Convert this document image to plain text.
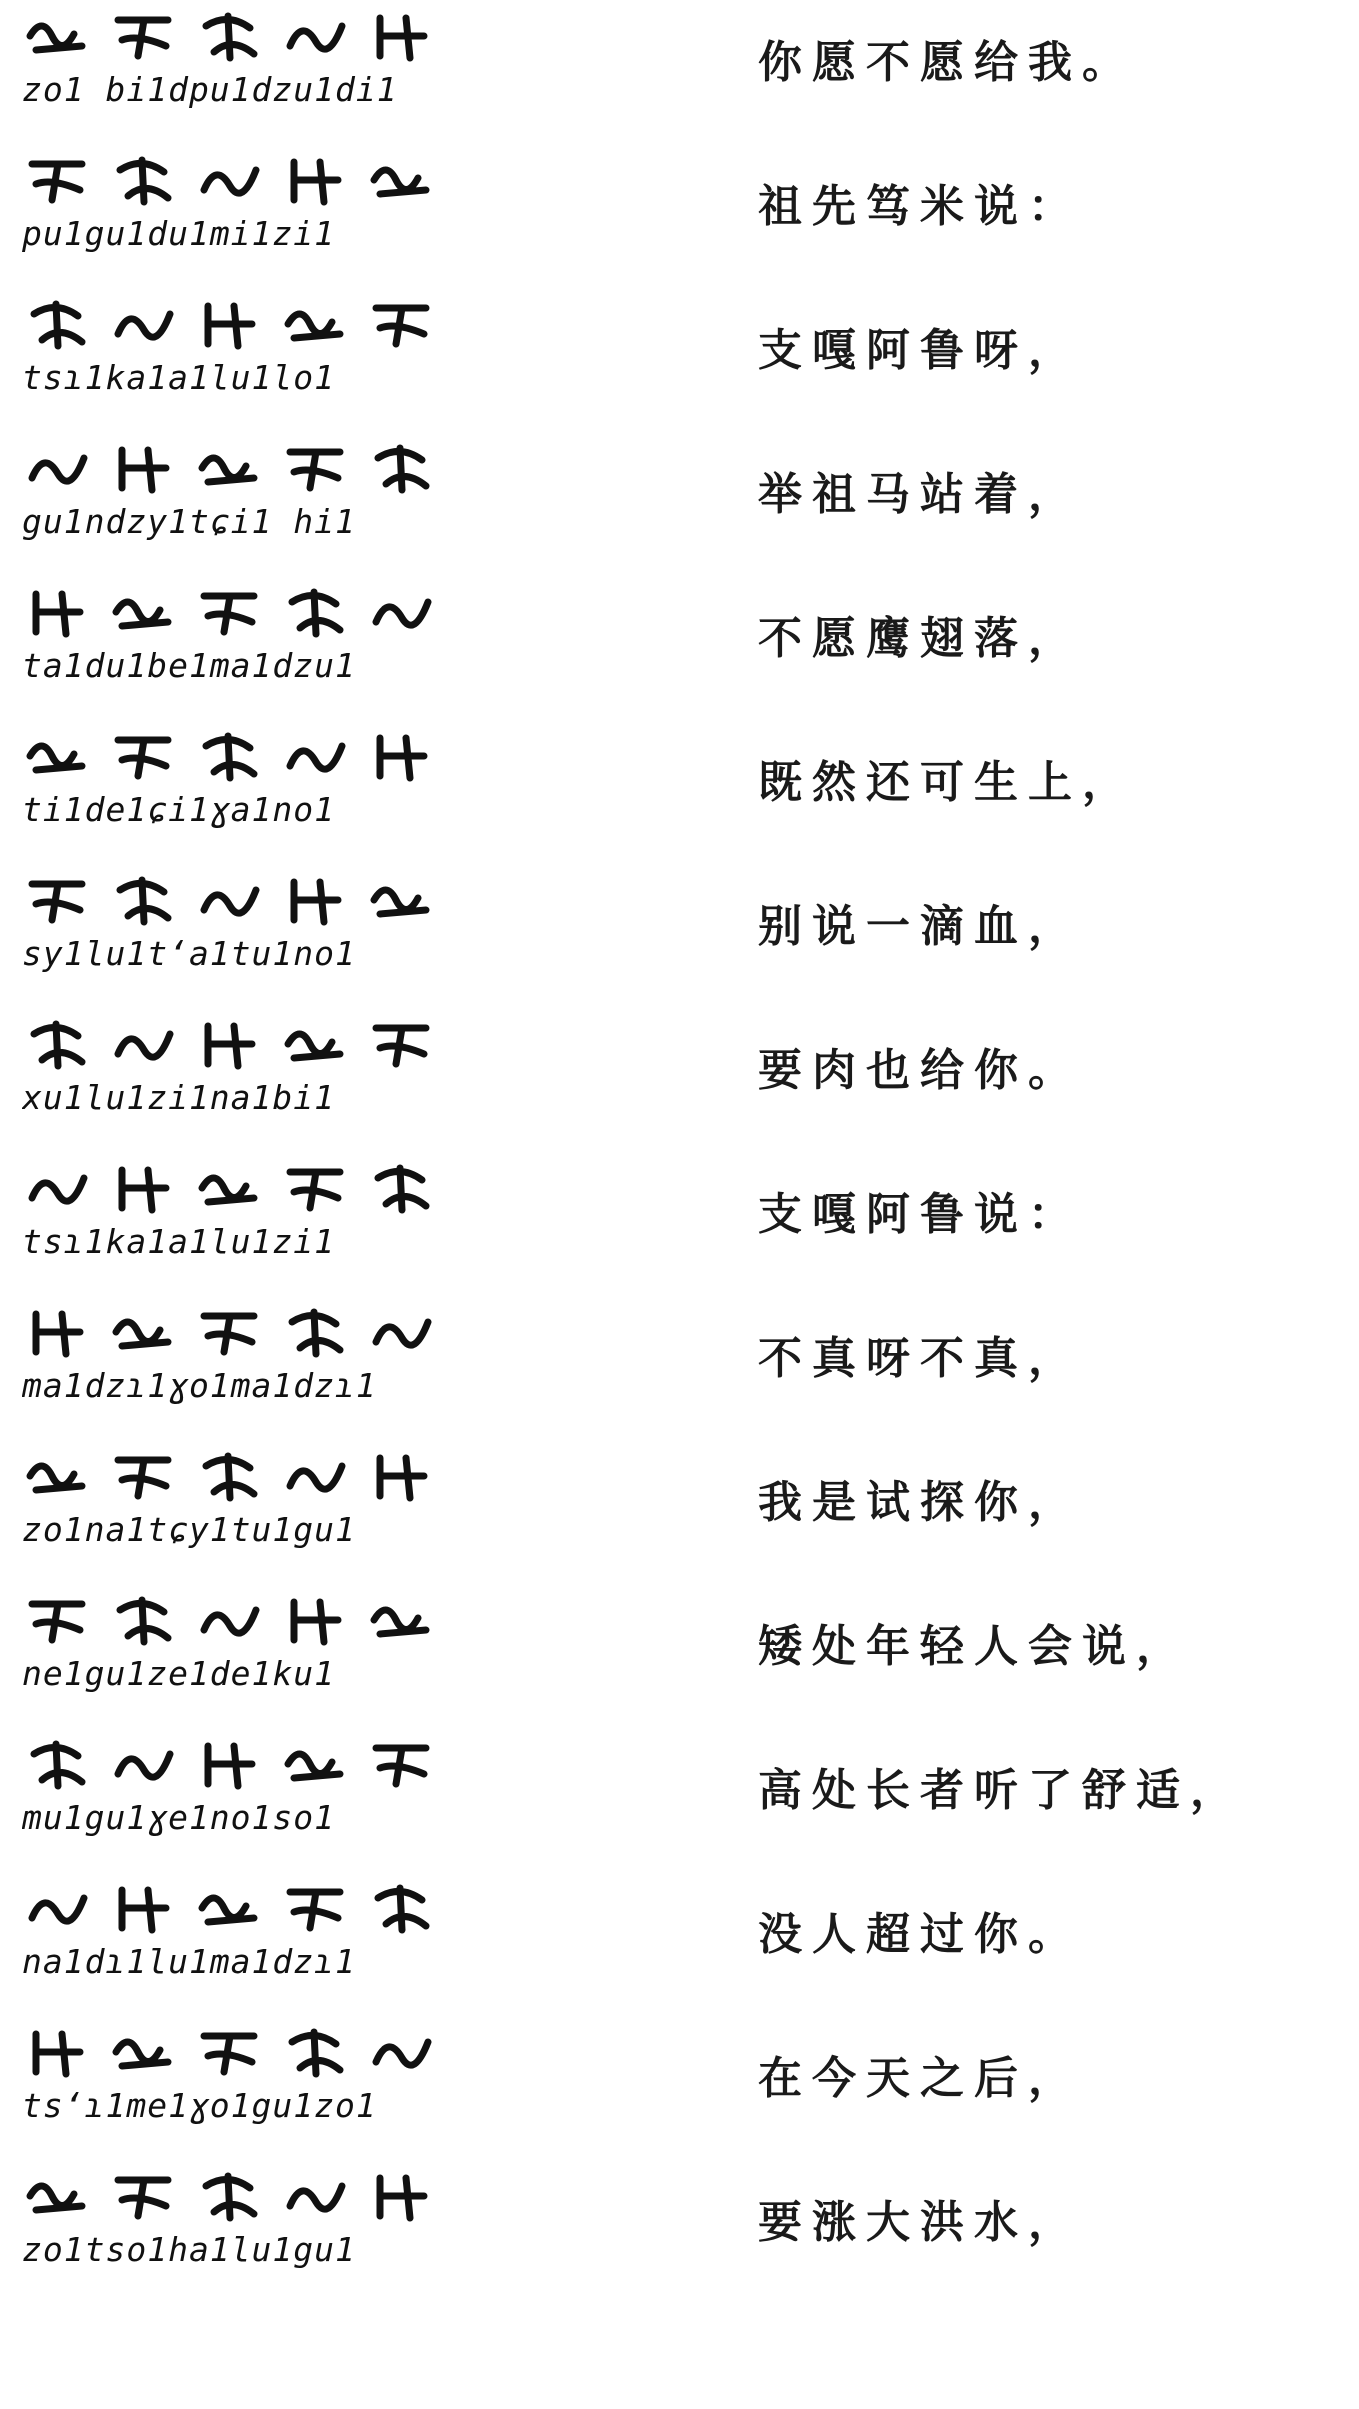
zo1 bi1dpu1dzu1di1
你愿不愿给我。
pu1gu1du1mi1zi1
祖先笃米说：
tsɿ1ka1a1lu1lo1
支嘎阿鲁呀，
gu1ndzy1tɕi1 hi1
举祖马站着，
ta1du1be1ma1dzu1
不愿鹰翅落，
ti1de1ɕi1ɣa1no1
既然还可生上，
sy1lu1tʻa1tu1no1
别说一滴血，
xu1lu1zi1na1bi1
要肉也给你。
tsɿ1ka1a1lu1zi1
支嘎阿鲁说：
ma1dzɿ1ɣo1ma1dzɿ1
不真呀不真，
zo1na1tɕy1tu1gu1
我是试探你，
ne1gu1ze1de1ku1
矮处年轻人会说，
mu1gu1ɣe1no1so1
高处长者听了舒适，
na1dɿ1lu1ma1dzɿ1
没人超过你。
tsʻɿ1me1ɣo1gu1zo1
在今天之后，
zo1tso1ha1lu1gu1
要涨大洪水，
